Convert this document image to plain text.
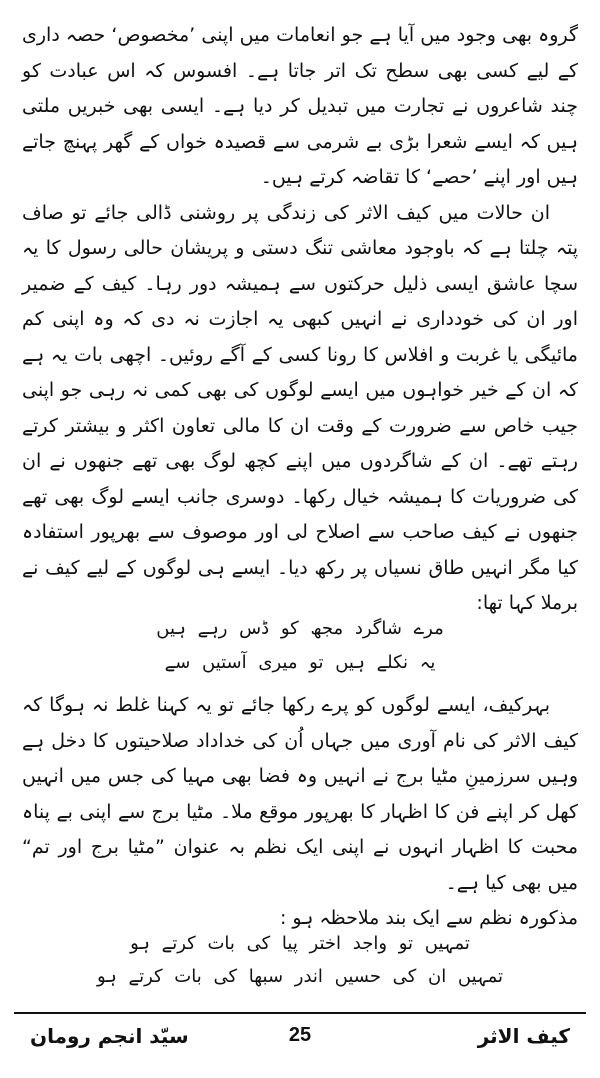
گروہ بھی وجود میں آیا ہے جو انعامات میں اپنی ’مخصوص‘ حصہ داری کے لیے کسی بھی سطح تک اتر جاتا ہے۔ افسوس کہ اس عبادت کو چند شاعروں نے تجارت میں تبدیل کر دیا ہے۔ ایسی بھی خبریں ملتی ہیں کہ ایسے شعرا بڑی بے شرمی سے قصیدہ خواں کے گھر پہنچ جاتے ہیں اور اپنے ’حصے‘ کا تقاضہ کرتے ہیں۔

ان حالات میں کیف الاثر کی زندگی پر روشنی ڈالی جائے تو صاف پتہ چلتا ہے کہ باوجود معاشی تنگ دستی و پریشان حالی رسول کا یہ سچا عاشق ایسی ذلیل حرکتوں سے ہمیشہ دور رہا۔ کیف کے ضمیر اور ان کی خودداری نے انہیں کبھی یہ اجازت نہ دی کہ وہ اپنی کم مائیگی یا غربت و افلاس کا رونا کسی کے آگے روئیں۔ اچھی بات یہ ہے کہ ان کے خیر خواہوں میں ایسے لوگوں کی بھی کمی نہ رہی جو اپنی جیب خاص سے ضرورت کے وقت ان کا مالی تعاون اکثر و بیشتر کرتے رہتے تھے۔ ان کے شاگردوں میں اپنے کچھ لوگ بھی تھے جنھوں نے ان کی ضروریات کا ہمیشہ خیال رکھا۔ دوسری جانب ایسے لوگ بھی تھے جنھوں نے کیف صاحب سے اصلاح لی اور موصوف سے بھرپور استفادہ کیا مگر انہیں طاق نسیاں پر رکھ دیا۔ ایسے ہی لوگوں کے لیے کیف نے برملا کہا تھا:

مرے شاگرد مجھ کو ڈس رہے ہیں
یہ نکلے ہیں تو میری آستیں سے

بہرکیف، ایسے لوگوں کو پرے رکھا جائے تو یہ کہنا غلط نہ ہوگا کہ کیف الاثر کی نام آوری میں جہاں اُن کی خداداد صلاحیتوں کا دخل ہے وہیں سرزمینِ مٹیا برج نے انہیں وہ فضا بھی مہیا کی جس میں انہیں کھل کر اپنے فن کا اظہار کا بھرپور موقع ملا۔ مٹیا برج سے اپنی بے پناہ محبت کا اظہار انہوں نے اپنی ایک نظم بہ عنوان ”مٹیا برج اور تم“ میں بھی کیا ہے۔

مذکورہ نظم سے ایک بند ملاحظہ ہو :

تمہیں تو واجد اختر پیا کی بات کرتے ہو
تمہیں ان کی حسیں اندر سبھا کی بات کرتے ہو
کیف الاثر
25
سیّد انجم رومان
